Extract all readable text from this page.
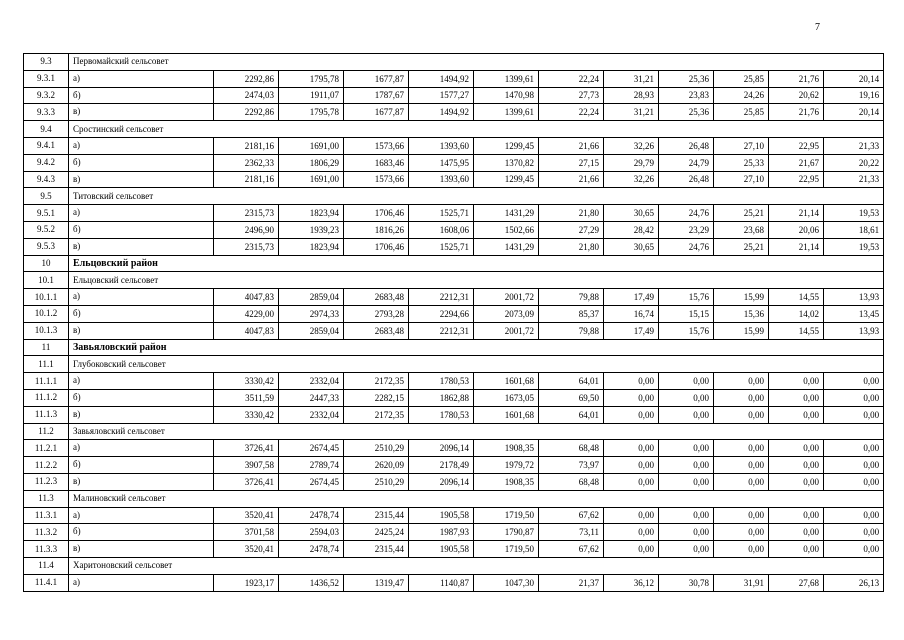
7
9.3	Первомайский сельсовет											
9.3.1	а)	2292,86	1795,78	1677,87	1494,92	1399,61	22,24	31,21	25,36	25,85	21,76	20,14
9.3.2	б)	2474,03	1911,07	1787,67	1577,27	1470,98	27,73	28,93	23,83	24,26	20,62	19,16
9.3.3	в)	2292,86	1795,78	1677,87	1494,92	1399,61	22,24	31,21	25,36	25,85	21,76	20,14
9.4	Сростинский сельсовет											
9.4.1	а)	2181,16	1691,00	1573,66	1393,60	1299,45	21,66	32,26	26,48	27,10	22,95	21,33
9.4.2	б)	2362,33	1806,29	1683,46	1475,95	1370,82	27,15	29,79	24,79	25,33	21,67	20,22
9.4.3	в)	2181,16	1691,00	1573,66	1393,60	1299,45	21,66	32,26	26,48	27,10	22,95	21,33
9.5	Титовский сельсовет											
9.5.1	а)	2315,73	1823,94	1706,46	1525,71	1431,29	21,80	30,65	24,76	25,21	21,14	19,53
9.5.2	б)	2496,90	1939,23	1816,26	1608,06	1502,66	27,29	28,42	23,29	23,68	20,06	18,61
9.5.3	в)	2315,73	1823,94	1706,46	1525,71	1431,29	21,80	30,65	24,76	25,21	21,14	19,53
10	Ельцовский район											
10.1	Ельцовский сельсовет											
10.1.1	а)	4047,83	2859,04	2683,48	2212,31	2001,72	79,88	17,49	15,76	15,99	14,55	13,93
10.1.2	б)	4229,00	2974,33	2793,28	2294,66	2073,09	85,37	16,74	15,15	15,36	14,02	13,45
10.1.3	в)	4047,83	2859,04	2683,48	2212,31	2001,72	79,88	17,49	15,76	15,99	14,55	13,93
11	Завьяловский район											
11.1	Глубоковский сельсовет											
11.1.1	а)	3330,42	2332,04	2172,35	1780,53	1601,68	64,01	0,00	0,00	0,00	0,00	0,00
11.1.2	б)	3511,59	2447,33	2282,15	1862,88	1673,05	69,50	0,00	0,00	0,00	0,00	0,00
11.1.3	в)	3330,42	2332,04	2172,35	1780,53	1601,68	64,01	0,00	0,00	0,00	0,00	0,00
11.2	Завьяловский сельсовет											
11.2.1	а)	3726,41	2674,45	2510,29	2096,14	1908,35	68,48	0,00	0,00	0,00	0,00	0,00
11.2.2	б)	3907,58	2789,74	2620,09	2178,49	1979,72	73,97	0,00	0,00	0,00	0,00	0,00
11.2.3	в)	3726,41	2674,45	2510,29	2096,14	1908,35	68,48	0,00	0,00	0,00	0,00	0,00
11.3	Малиновский сельсовет											
11.3.1	а)	3520,41	2478,74	2315,44	1905,58	1719,50	67,62	0,00	0,00	0,00	0,00	0,00
11.3.2	б)	3701,58	2594,03	2425,24	1987,93	1790,87	73,11	0,00	0,00	0,00	0,00	0,00
11.3.3	в)	3520,41	2478,74	2315,44	1905,58	1719,50	67,62	0,00	0,00	0,00	0,00	0,00
11.4	Харитоновский сельсовет											
11.4.1	а)	1923,17	1436,52	1319,47	1140,87	1047,30	21,37	36,12	30,78	31,91	27,68	26,13
